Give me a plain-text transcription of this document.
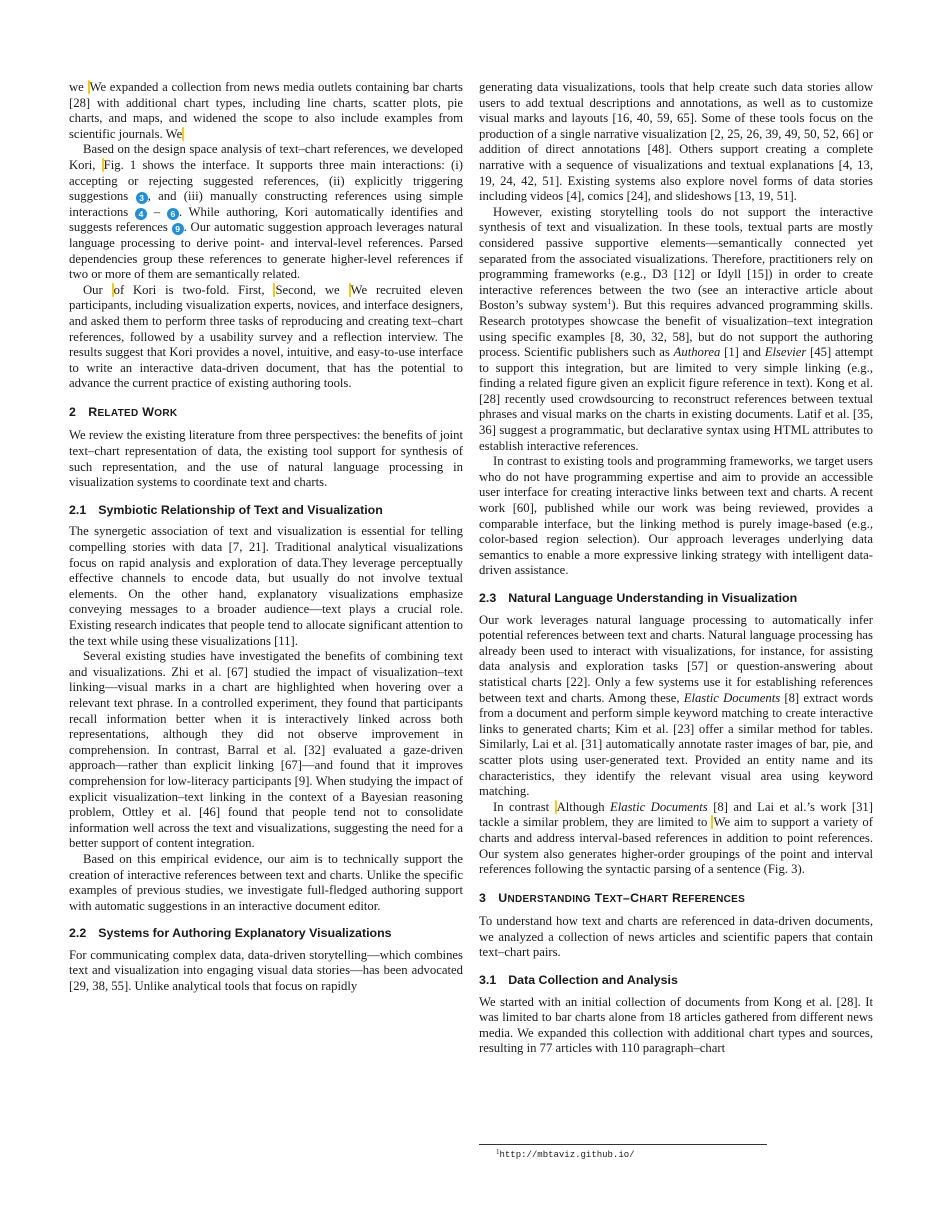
we We expanded a collection from news media outlets containing bar charts [28] with additional chart types, including line charts, scatter plots, pie charts, and maps, and widened the scope to also include examples from scientific journals. We

Based on the design space analysis of text–chart references, we developed Kori, Fig. 1 shows the interface. It supports three main interactions: (i) accepting or rejecting suggested references, (ii) explicitly triggering suggestions 3 , and (iii) manually constructing references using simple interactions 4 – 6 . While authoring, Kori automatically identifies and suggests references 9 . Our automatic suggestion approach leverages natural language processing to derive point- and interval-level references. Parsed dependencies group these references to generate higher-level references if two or more of them are semantically related.

Our of Kori is two-fold. First, Second, we We recruited eleven participants, including visualization experts, novices, and interface designers, and asked them to perform three tasks of reproducing and creating text–chart references, followed by a usability survey and a reflection interview. The results suggest that Kori provides a novel, intuitive, and easy-to-use interface to write an interactive data-driven document, that has the potential to advance the current practice of existing authoring tools.

2 RELATED WORK

We review the existing literature from three perspectives: the benefits of joint text–chart representation of data, the existing tool support for synthesis of such representation, and the use of natural language processing in visualization systems to coordinate text and charts.

2.1 Symbiotic Relationship of Text and Visualization

The synergetic association of text and visualization is essential for telling compelling stories with data [7, 21]. Traditional analytical visualizations focus on rapid analysis and exploration of data.They leverage perceptually effective channels to encode data, but usually do not involve textual elements. On the other hand, explanatory visualizations emphasize conveying messages to a broader audience—text plays a crucial role. Existing research indicates that people tend to allocate significant attention to the text while using these visualizations [11].

Several existing studies have investigated the benefits of combining text and visualizations. Zhi et al. [67] studied the impact of visualization–text linking—visual marks in a chart are highlighted when hovering over a relevant text phrase. In a controlled experiment, they found that participants recall information better when it is interactively linked across both representations, although they did not observe improvement in comprehension. In contrast, Barral et al. [32] evaluated a gaze-driven approach—rather than explicit linking [67]—and found that it improves comprehension for low-literacy participants [9]. When studying the impact of explicit visualization–text linking in the context of a Bayesian reasoning problem, Ottley et al. [46] found that people tend not to consolidate information well across the text and visualizations, suggesting the need for a better support of content integration.

Based on this empirical evidence, our aim is to technically support the creation of interactive references between text and charts. Unlike the specific examples of previous studies, we investigate full-fledged authoring support with automatic suggestions in an interactive document editor.

2.2 Systems for Authoring Explanatory Visualizations

For communicating complex data, data-driven storytelling—which combines text and visualization into engaging visual data stories—has been advocated [29, 38, 55]. Unlike analytical tools that focus on rapidly

generating data visualizations, tools that help create such data stories allow users to add textual descriptions and annotations, as well as to customize visual marks and layouts [16, 40, 59, 65]. Some of these tools focus on the production of a single narrative visualization [2, 25, 26, 39, 49, 50, 52, 66] or addition of direct annotations [48]. Others support creating a complete narrative with a sequence of visualizations and textual explanations [4, 13, 19, 24, 42, 51]. Existing systems also explore novel forms of data stories including videos [4], comics [24], and slideshows [13, 19, 51].

However, existing storytelling tools do not support the interactive synthesis of text and visualization. In these tools, textual parts are mostly considered passive supportive elements—semantically connected yet separated from the associated visualizations. Therefore, practitioners rely on programming frameworks (e.g., D3 [12] or Idyll [15]) in order to create interactive references between the two (see an interactive article about Boston’s subway system$^1$). But this requires advanced programming skills. Research prototypes showcase the benefit of visualization–text integration using specific examples [8, 30, 32, 58], but do not support the authoring process. Scientific publishers such as Authorea [1] and Elsevier [45] attempt to support this integration, but are limited to very simple linking (e.g., finding a related figure given an explicit figure reference in text). Kong et al. [28] recently used crowdsourcing to reconstruct references between textual phrases and visual marks on the charts in existing documents. Latif et al. [35, 36] suggest a programmatic, but declarative syntax using HTML attributes to establish interactive references.

In contrast to existing tools and programming frameworks, we target users who do not have programming expertise and aim to provide an accessible user interface for creating interactive links between text and charts. A recent work [60], published while our work was being reviewed, provides a comparable interface, but the linking method is purely image-based (e.g., color-based region selection). Our approach leverages underlying data semantics to enable a more expressive linking strategy with intelligent data-driven assistance.

2.3 Natural Language Understanding in Visualization

Our work leverages natural language processing to automatically infer potential references between text and charts. Natural language processing has already been used to interact with visualizations, for instance, for assisting data analysis and exploration tasks [57] or question-answering about statistical charts [22]. Only a few systems use it for establishing references between text and charts. Among these, Elastic Documents [8] extract words from a document and perform simple keyword matching to create interactive links to generated charts; Kim et al. [23] offer a similar method for tables. Similarly, Lai et al. [31] automatically annotate raster images of bar, pie, and scatter plots using user-generated text. Provided an entity name and its characteristics, they identify the relevant visual area using keyword matching.

In contrast Although Elastic Documents [8] and Lai et al.’s work [31] tackle a similar problem, they are limited to We aim to support a variety of charts and address interval-based references in addition to point references. Our system also generates higher-order groupings of the point and interval references following the syntactic parsing of a sentence (Fig. 3).

3 UNDERSTANDING TEXT–CHART REFERENCES

To understand how text and charts are referenced in data-driven documents, we analyzed a collection of news articles and scientific papers that contain text–chart pairs.

3.1 Data Collection and Analysis

We started with an initial collection of documents from Kong et al. [28]. It was limited to bar charts alone from 18 articles gathered from different news media. We expanded this collection with additional chart types and sources, resulting in 77 articles with 110 paragraph–chart

$^1$http://mbtaviz.github.io/
